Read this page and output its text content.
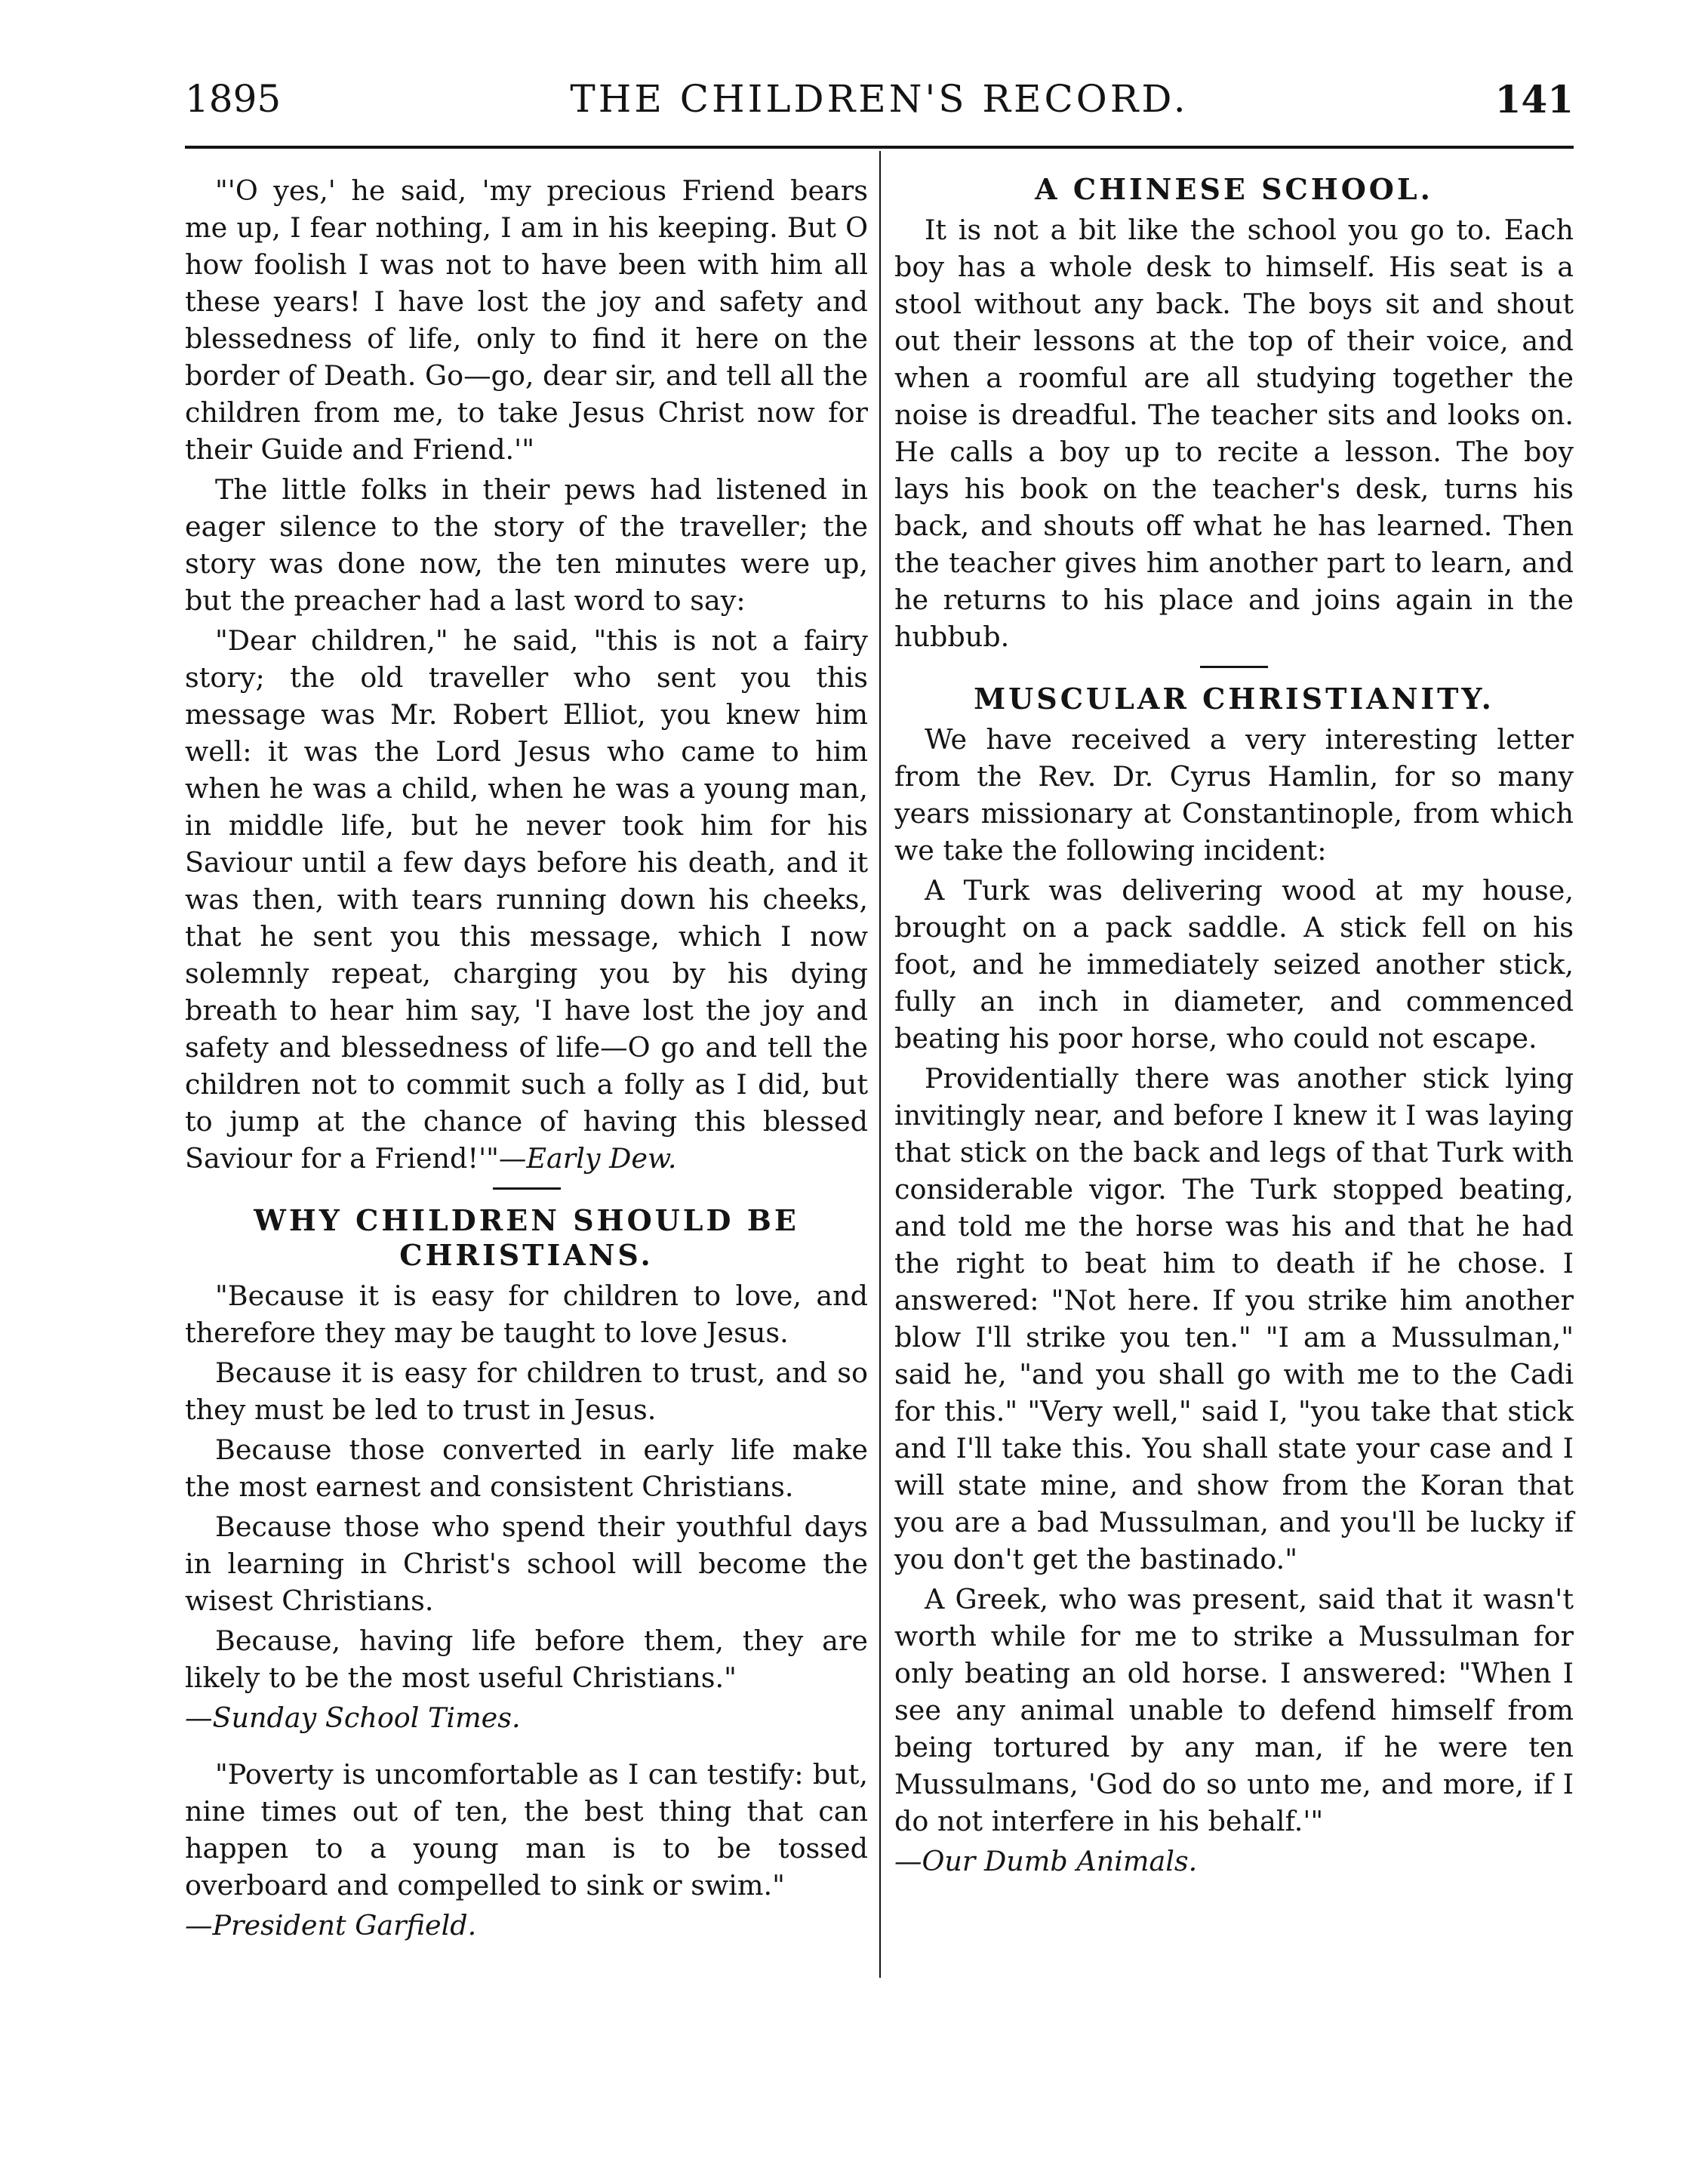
1895	THE CHILDREN'S RECORD.	141

"'O yes,' he said, 'my precious Friend bears me up, I fear nothing, I am in his keeping. But O how foolish I was not to have been with him all these years! I have lost the joy and safety and blessedness of life, only to find it here on the border of Death. Go—go, dear sir, and tell all the children from me, to take Jesus Christ now for their Guide and Friend.'"

The little folks in their pews had listened in eager silence to the story of the traveller; the story was done now, the ten minutes were up, but the preacher had a last word to say:

"Dear children," he said, "this is not a fairy story; the old traveller who sent you this message was Mr. Robert Elliot, you knew him well: it was the Lord Jesus who came to him when he was a child, when he was a young man, in middle life, but he never took him for his Saviour until a few days before his death, and it was then, with tears running down his cheeks, that he sent you this message, which I now solemnly repeat, charging you by his dying breath to hear him say, 'I have lost the joy and safety and blessedness of life—O go and tell the children not to commit such a folly as I did, but to jump at the chance of having this blessed Saviour for a Friend!'"—Early Dew.

WHY CHILDREN SHOULD BE CHRISTIANS.

"Because it is easy for children to love, and therefore they may be taught to love Jesus.

Because it is easy for children to trust, and so they must be led to trust in Jesus.

Because those converted in early life make the most earnest and consistent Christians.

Because those who spend their youthful days in learning in Christ's school will become the wisest Christians.

Because, having life before them, they are likely to be the most useful Christians."

—Sunday School Times.

"Poverty is uncomfortable as I can testify: but, nine times out of ten, the best thing that can happen to a young man is to be tossed overboard and compelled to sink or swim."

—President Garfield.

A CHINESE SCHOOL.

It is not a bit like the school you go to. Each boy has a whole desk to himself. His seat is a stool without any back. The boys sit and shout out their lessons at the top of their voice, and when a roomful are all studying together the noise is dreadful. The teacher sits and looks on. He calls a boy up to recite a lesson. The boy lays his book on the teacher's desk, turns his back, and shouts off what he has learned. Then the teacher gives him another part to learn, and he returns to his place and joins again in the hubbub.

MUSCULAR CHRISTIANITY.

We have received a very interesting letter from the Rev. Dr. Cyrus Hamlin, for so many years missionary at Constantinople, from which we take the following incident:

A Turk was delivering wood at my house, brought on a pack saddle. A stick fell on his foot, and he immediately seized another stick, fully an inch in diameter, and commenced beating his poor horse, who could not escape.

Providentially there was another stick lying invitingly near, and before I knew it I was laying that stick on the back and legs of that Turk with considerable vigor. The Turk stopped beating, and told me the horse was his and that he had the right to beat him to death if he chose. I answered: "Not here. If you strike him another blow I'll strike you ten." "I am a Mussulman," said he, "and you shall go with me to the Cadi for this." "Very well," said I, "you take that stick and I'll take this. You shall state your case and I will state mine, and show from the Koran that you are a bad Mussulman, and you'll be lucky if you don't get the bastinado."

A Greek, who was present, said that it wasn't worth while for me to strike a Mussulman for only beating an old horse. I answered: "When I see any animal unable to defend himself from being tortured by any man, if he were ten Mussulmans, 'God do so unto me, and more, if I do not interfere in his behalf.'"

—Our Dumb Animals.
